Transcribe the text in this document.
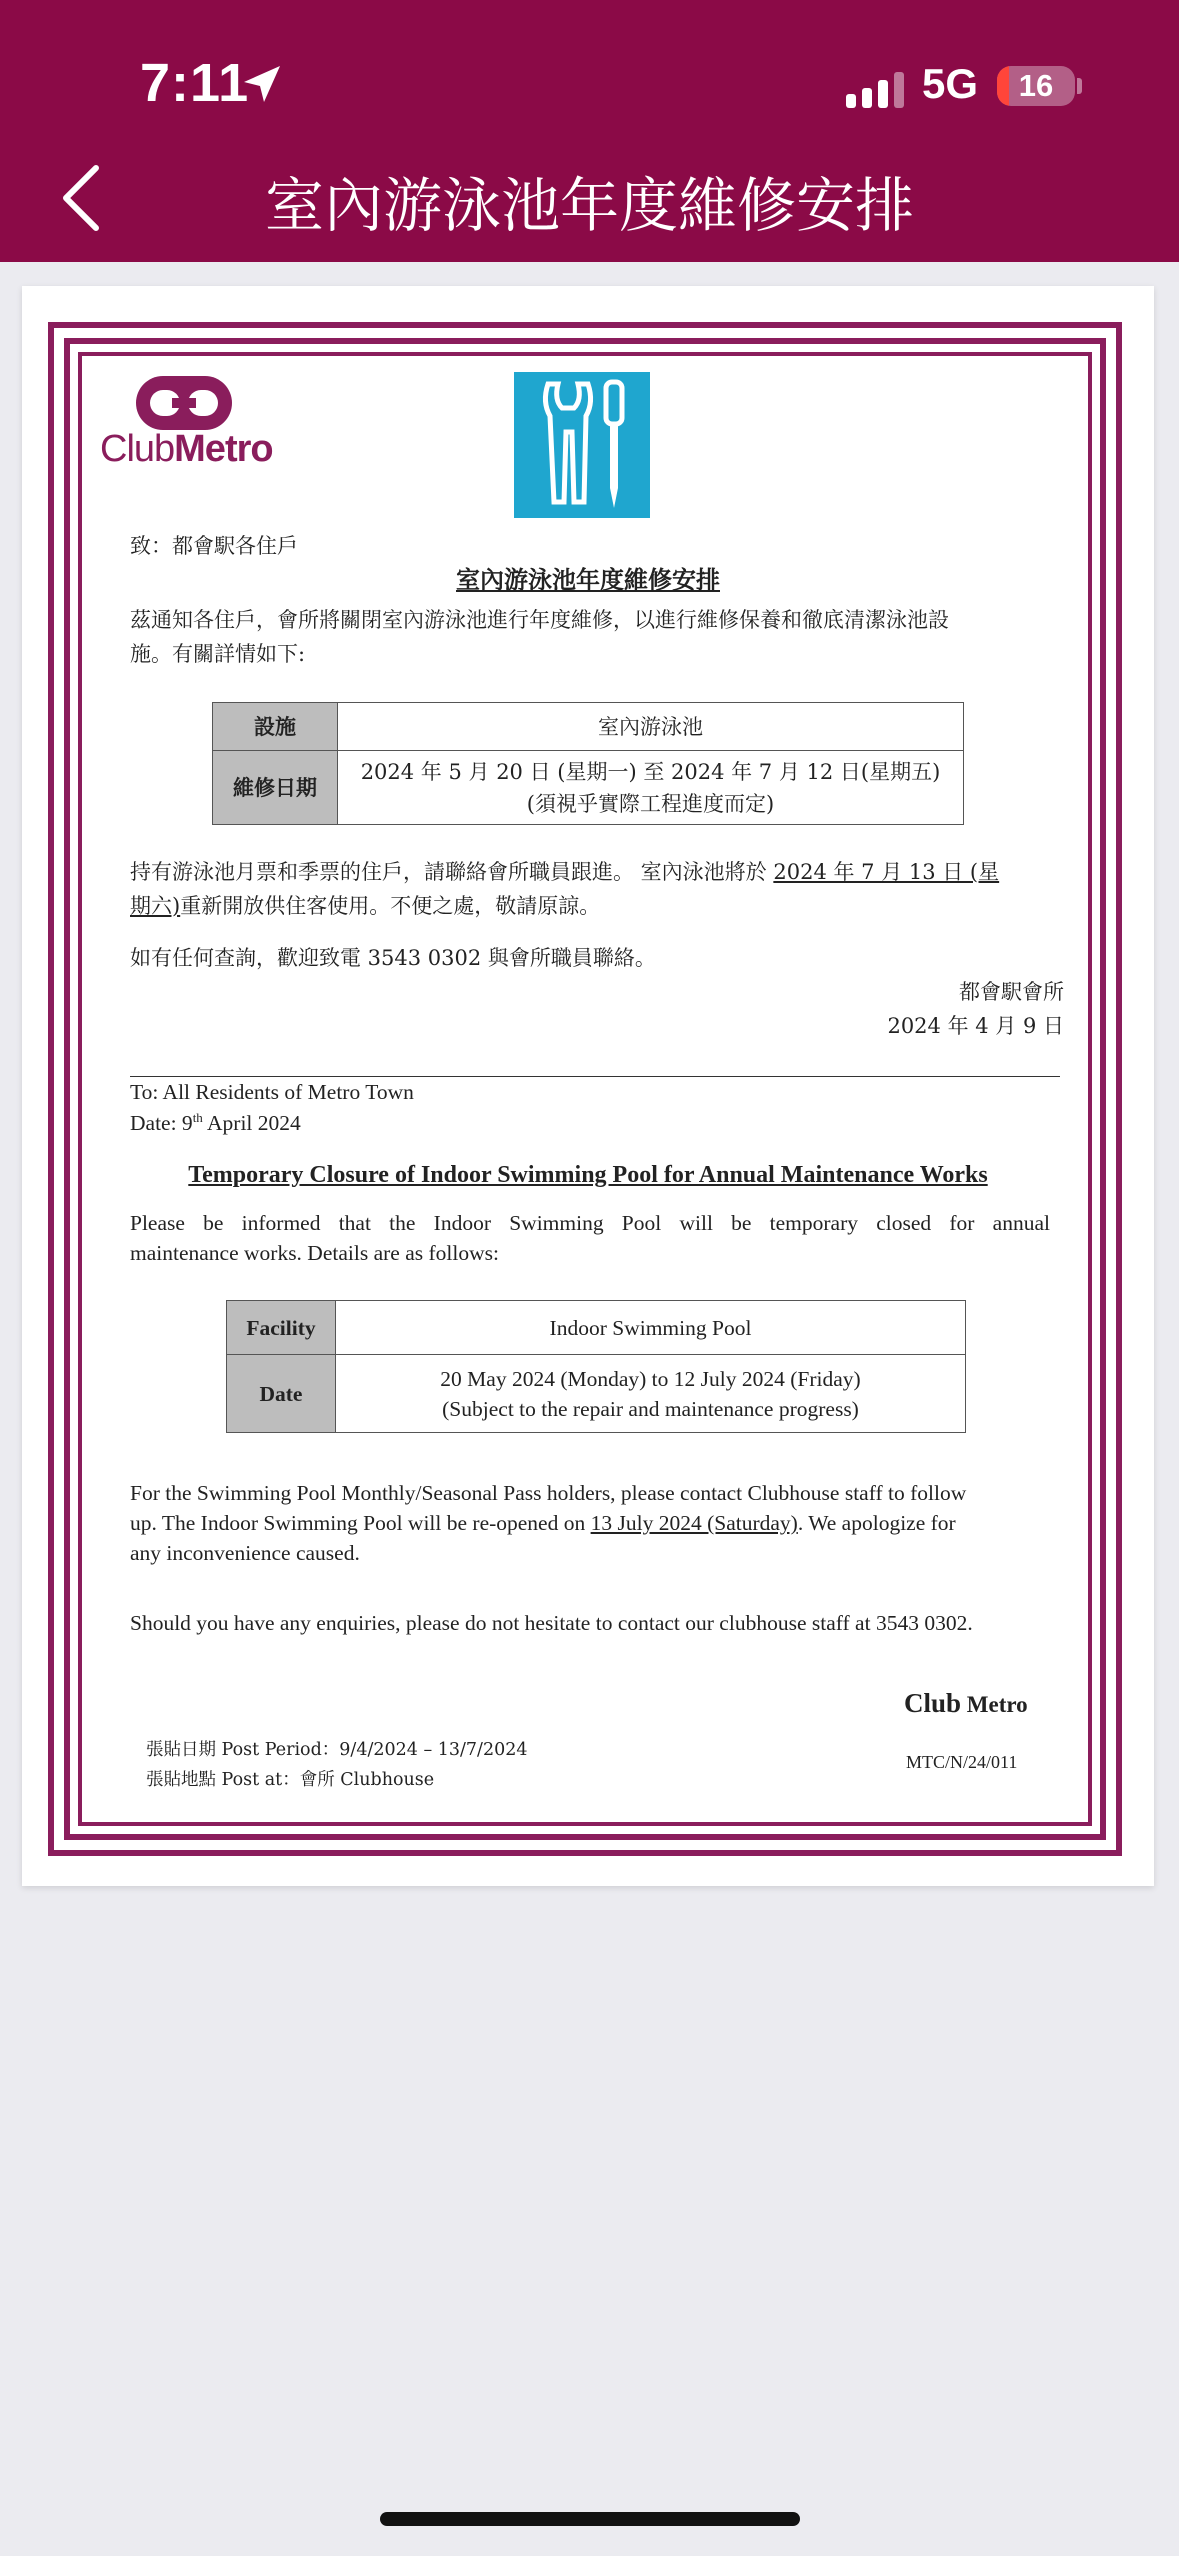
7:11	5G	16
室內游泳池年度維修安排
ClubMetro
致：都會駅各住戶
室內游泳池年度維修安排
茲通知各住戶，會所將關閉室內游泳池進行年度維修，以進行維修保養和徹底清潔泳池設
施。有關詳情如下:
設施	室內游泳池
維修日期	2024 年 5 月 20 日 (星期一) 至 2024 年 7 月 12 日(星期五)
(須視乎實際工程進度而定)
持有游泳池月票和季票的住戶，請聯絡會所職員跟進。 室內泳池將於 2024 年 7 月 13 日 (星
期六)重新開放供住客使用。不便之處，敬請原諒。
如有任何查詢，歡迎致電 3543 0302 與會所職員聯絡。
都會駅會所
2024 年 4 月 9 日
To: All Residents of Metro Town
Date: 9th April 2024
Temporary Closure of Indoor Swimming Pool for Annual Maintenance Works
Please be informed that the Indoor Swimming Pool will be temporary closed for annual
maintenance works. Details are as follows:
Facility	Indoor Swimming Pool
Date	20 May 2024 (Monday) to 12 July 2024 (Friday)
(Subject to the repair and maintenance progress)
For the Swimming Pool Monthly/Seasonal Pass holders, please contact Clubhouse staff to follow
up. The Indoor Swimming Pool will be re-opened on 13 July 2024 (Saturday). We apologize for
any inconvenience caused.
Should you have any enquiries, please do not hesitate to contact our clubhouse staff at 3543 0302.
Club Metro
MTC/N/24/011
張貼日期 Post Period：9/4/2024 – 13/7/2024
張貼地點 Post at：會所 Clubhouse
